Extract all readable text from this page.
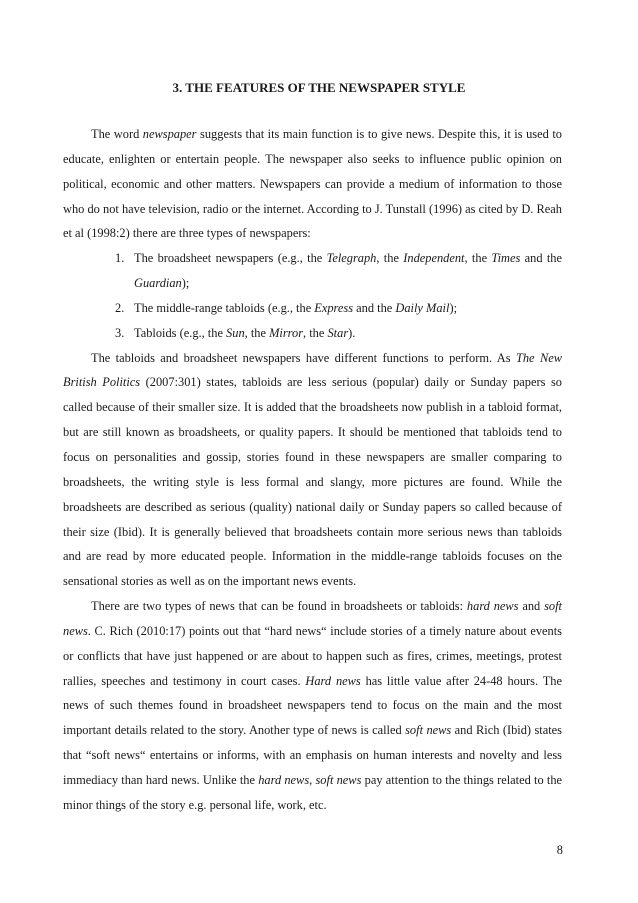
3. THE FEATURES OF THE NEWSPAPER STYLE

The word newspaper suggests that its main function is to give news. Despite this, it is used to educate, enlighten or entertain people. The newspaper also seeks to influence public opinion on political, economic and other matters. Newspapers can provide a medium of information to those who do not have television, radio or the internet. According to J. Tunstall (1996) as cited by D. Reah et al (1998:2) there are three types of newspapers:

1. The broadsheet newspapers (e.g., the Telegraph, the Independent, the Times and the Guardian);
2. The middle-range tabloids (e.g., the Express and the Daily Mail);
3. Tabloids (e.g., the Sun, the Mirror, the Star).

The tabloids and broadsheet newspapers have different functions to perform. As The New British Politics (2007:301) states, tabloids are less serious (popular) daily or Sunday papers so called because of their smaller size. It is added that the broadsheets now publish in a tabloid format, but are still known as broadsheets, or quality papers. It should be mentioned that tabloids tend to focus on personalities and gossip, stories found in these newspapers are smaller comparing to broadsheets, the writing style is less formal and slangy, more pictures are found. While the broadsheets are described as serious (quality) national daily or Sunday papers so called because of their size (Ibid). It is generally believed that broadsheets contain more serious news than tabloids and are read by more educated people. Information in the middle-range tabloids focuses on the sensational stories as well as on the important news events.

There are two types of news that can be found in broadsheets or tabloids: hard news and soft news. C. Rich (2010:17) points out that “hard news“ include stories of a timely nature about events or conflicts that have just happened or are about to happen such as fires, crimes, meetings, protest rallies, speeches and testimony in court cases. Hard news has little value after 24-48 hours. The news of such themes found in broadsheet newspapers tend to focus on the main and the most important details related to the story. Another type of news is called soft news and Rich (Ibid) states that “soft news“ entertains or informs, with an emphasis on human interests and novelty and less immediacy than hard news. Unlike the hard news, soft news pay attention to the things related to the minor things of the story e.g. personal life, work, etc.

8
